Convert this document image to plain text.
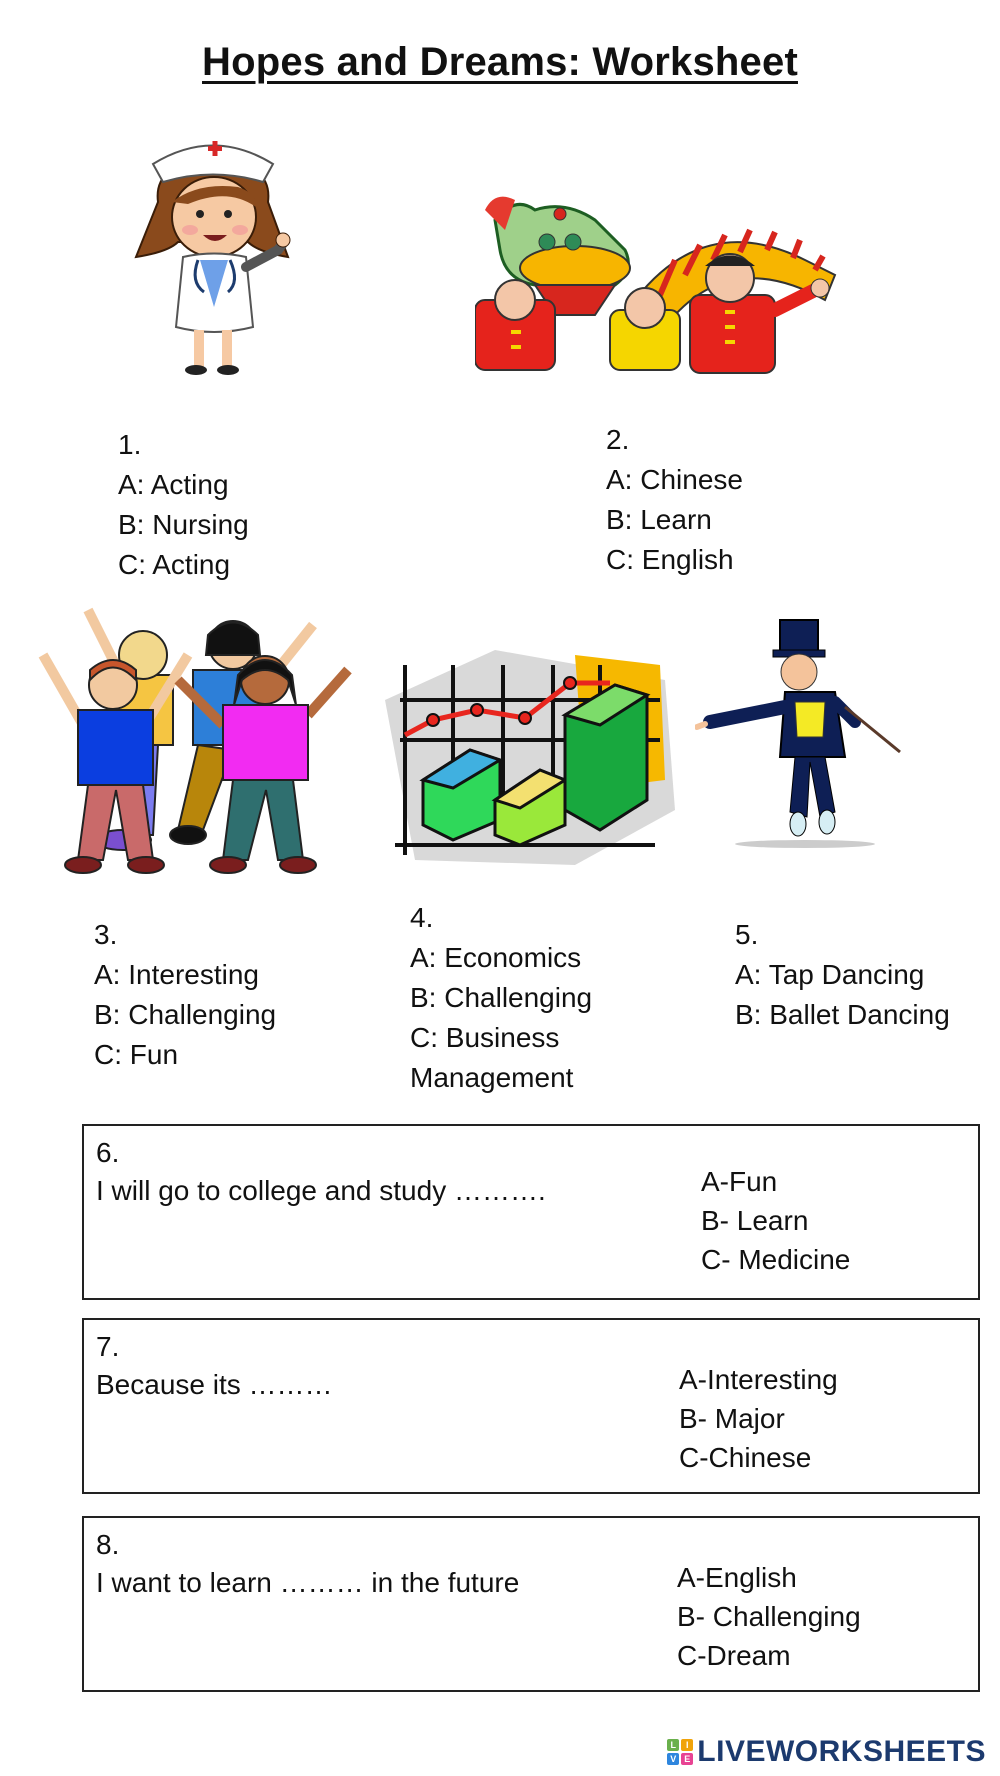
Hopes and Dreams: Worksheet
1.
A: Acting
B: Nursing
C: Acting
2.
A: Chinese
B: Learn
C: English
3.
A: Interesting
B: Challenging
C: Fun
4.
A: Economics
B: Challenging
C: Business
Management
5.
A: Tap Dancing
B: Ballet Dancing
6.
I will go to college and study ……….	A-Fun
B- Learn
C- Medicine
7.
Because its ………	A-Interesting
B- Major
C-Chinese
8.
I want to learn ……… in the future	A-English
B- Challenging
C-Dream
L	I
V E LIVEWORKSHEETS
